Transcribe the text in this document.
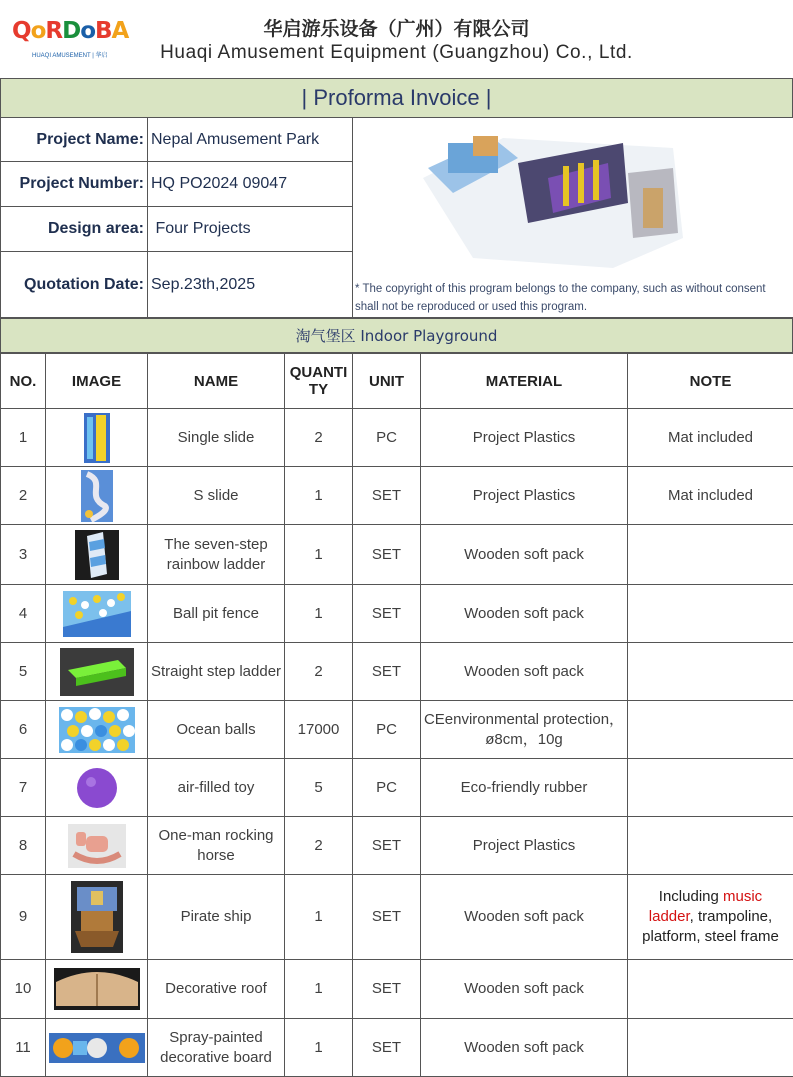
QoRDoBA
HUAQI AMUSEMENT | 华启
华启游乐设备（广州）有限公司
Huaqi Amusement Equipment (Guangzhou) Co., Ltd.
| Proforma Invoice |
Project Name: Nepal Amusement Park
Project Number: HQ PO2024 09047
Design area: Four Projects
Quotation Date: Sep.23th,2025	* The copyright of this program belongs to the company, such as without consent shall not be reproduced or used this program.
淘气堡区 Indoor Playground
NO.	IMAGE	NAME	QUANTI
TY	UNIT	MATERIAL	NOTE
1		Single slide	2	PC	Project Plastics	Mat included
2		S slide	1	SET	Project Plastics	Mat included
3		The seven-step
rainbow ladder	1	SET	Wooden soft pack	
4		Ball pit fence	1	SET	Wooden soft pack	
5		Straight step ladder	2	SET	Wooden soft pack	
6		Ocean balls	17000	PC	CEenvironmental protection，
ø8cm，10g	
7		air-filled toy	5	PC	Eco-friendly rubber	
8		One-man rocking
horse	2	SET	Project Plastics	
9		Pirate ship	1	SET	Wooden soft pack	Including music
ladder, trampoline,
platform, steel frame
10		Decorative roof	1	SET	Wooden soft pack	
11		Spray-painted
decorative board	1	SET	Wooden soft pack	
